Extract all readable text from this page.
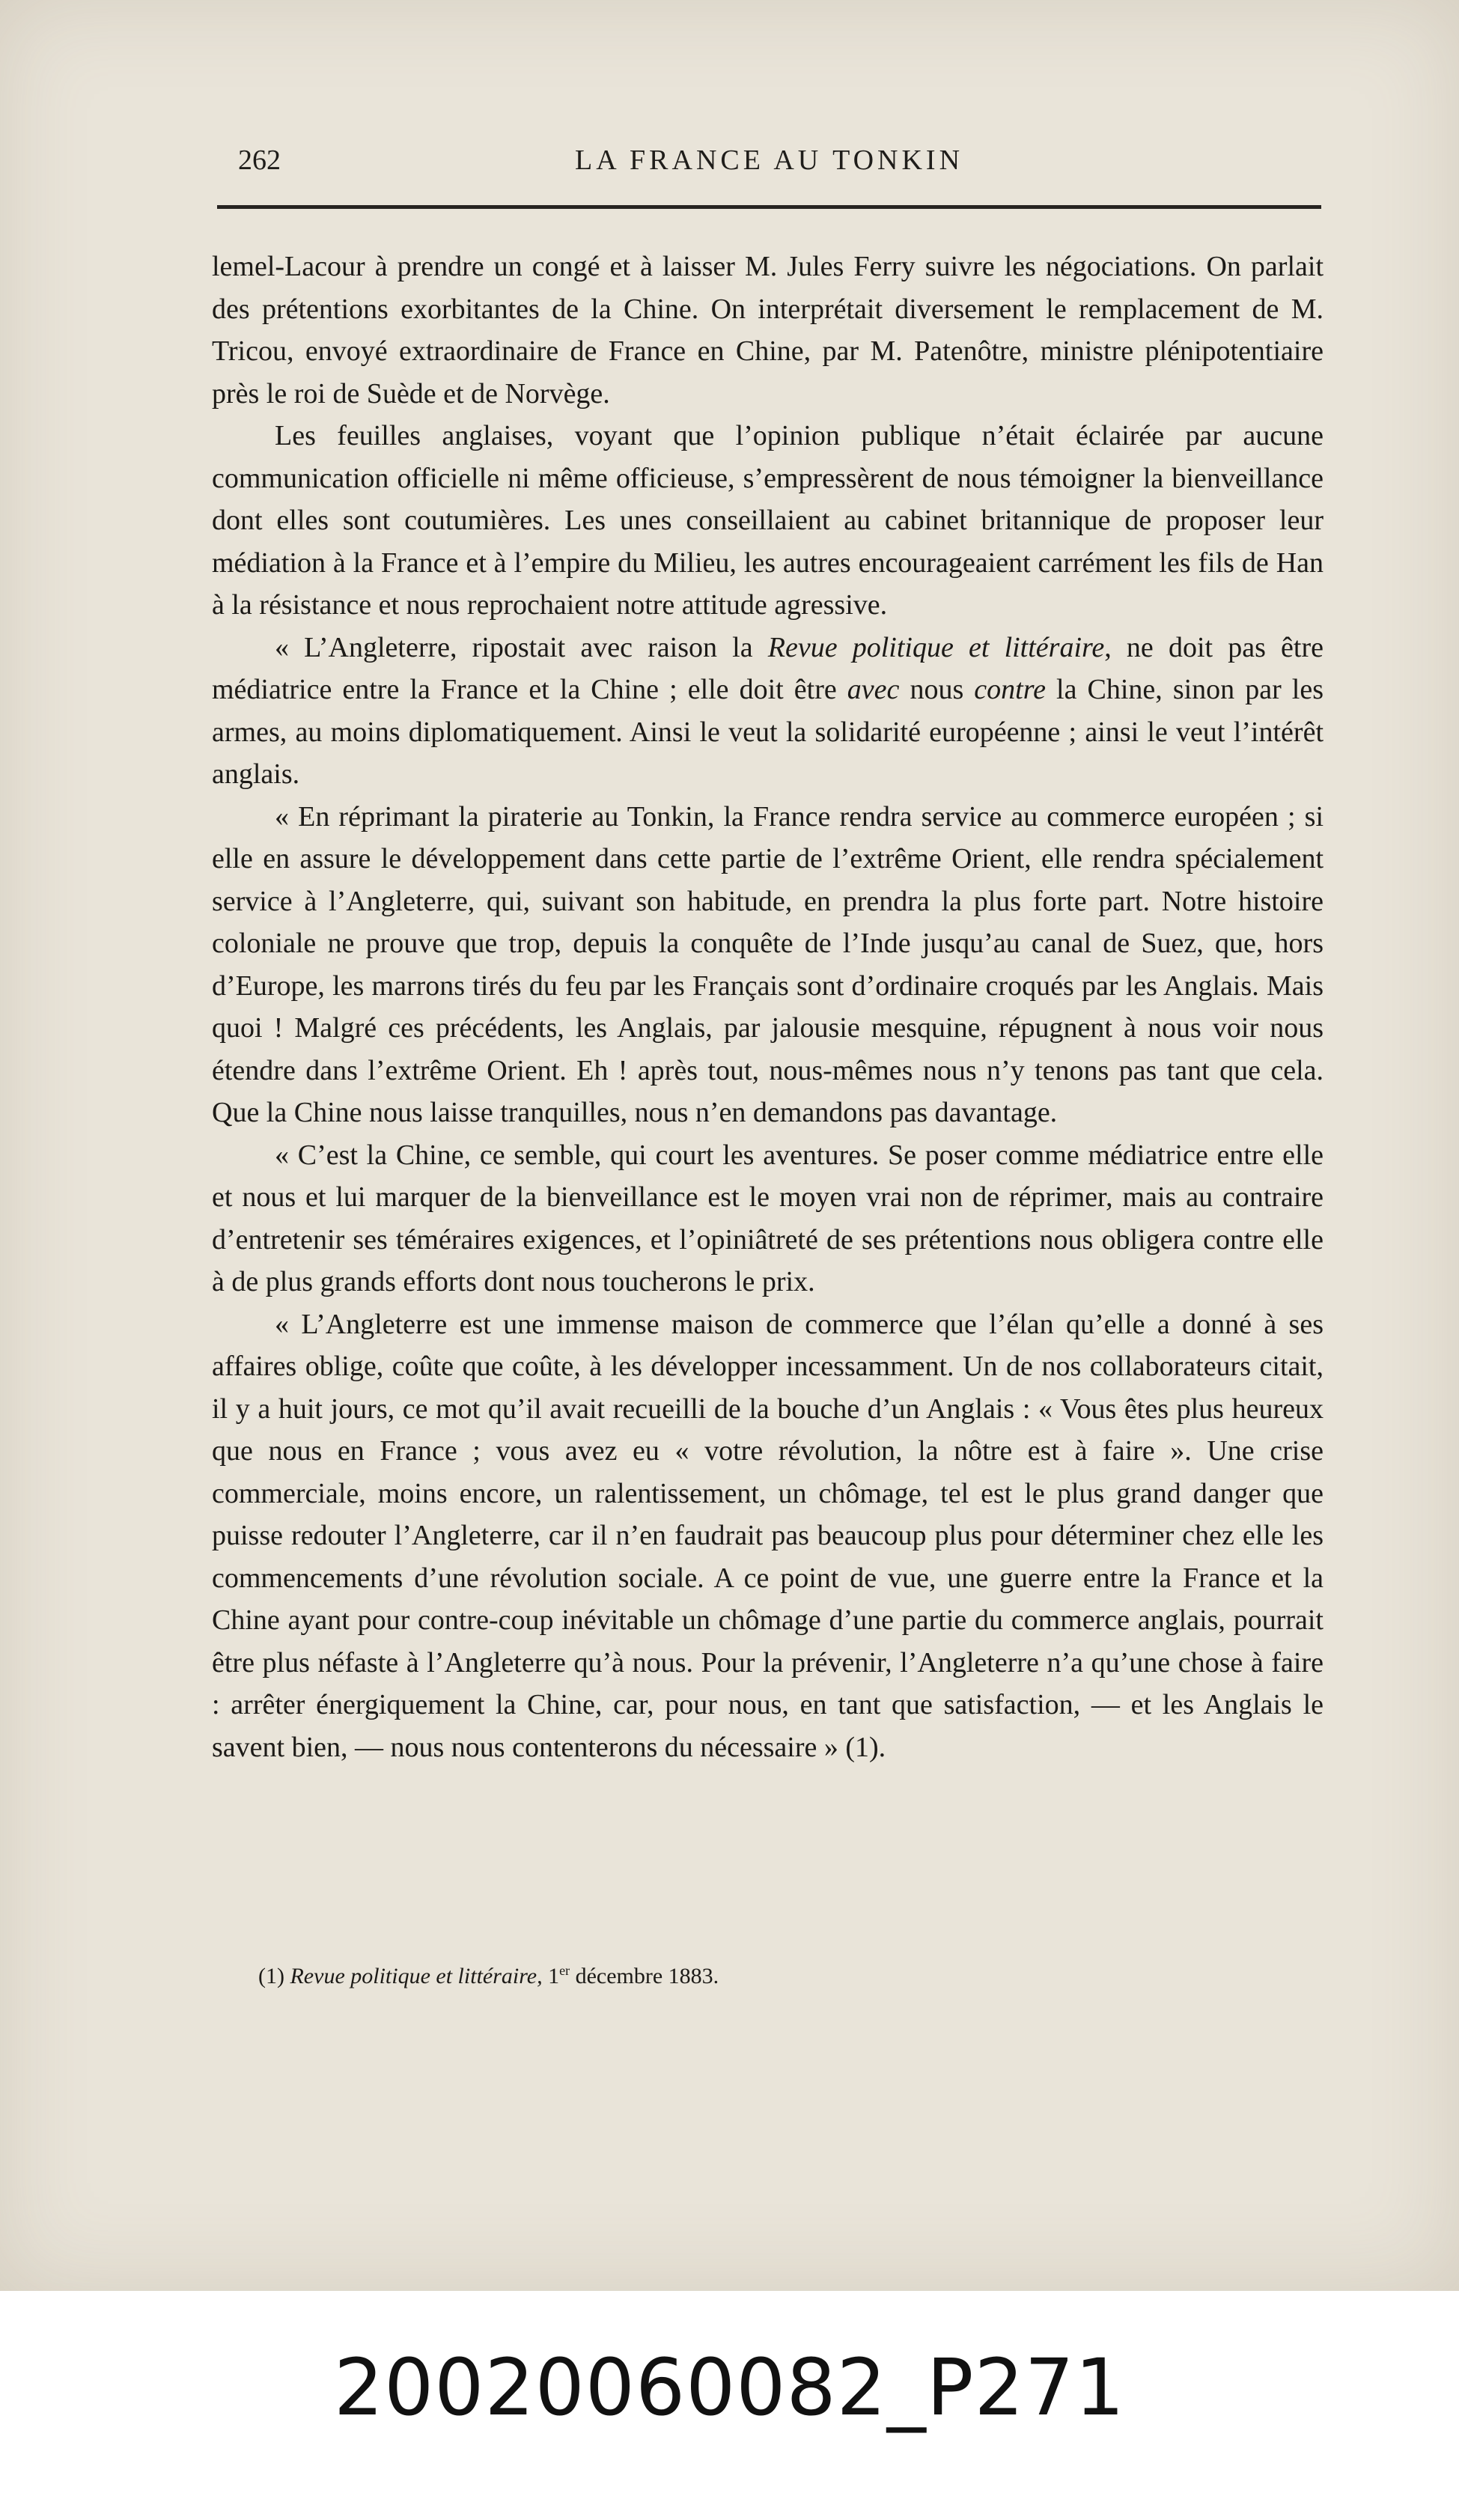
262	LA FRANCE AU TONKIN

lemel-Lacour à prendre un congé et à laisser M. Jules Ferry suivre les négociations. On parlait des prétentions exorbitantes de la Chine. On interprétait diversement le remplacement de M. Tricou, envoyé extraordinaire de France en Chine, par M. Patenôtre, ministre plénipotentiaire près le roi de Suède et de Norvège.

Les feuilles anglaises, voyant que l’opinion publique n’était éclairée par aucune communication officielle ni même officieuse, s’empressèrent de nous témoigner la bienveillance dont elles sont coutumières. Les unes conseillaient au cabinet britannique de proposer leur médiation à la France et à l’empire du Milieu, les autres encourageaient carrément les fils de Han à la résistance et nous reprochaient notre attitude agressive.

« L’Angleterre, ripostait avec raison la Revue politique et littéraire, ne doit pas être médiatrice entre la France et la Chine ; elle doit être avec nous contre la Chine, sinon par les armes, au moins diplomatiquement. Ainsi le veut la solidarité européenne ; ainsi le veut l’intérêt anglais.

« En réprimant la piraterie au Tonkin, la France rendra service au commerce européen ; si elle en assure le développement dans cette partie de l’extrême Orient, elle rendra spécialement service à l’Angleterre, qui, suivant son habitude, en prendra la plus forte part. Notre histoire coloniale ne prouve que trop, depuis la conquête de l’Inde jusqu’au canal de Suez, que, hors d’Europe, les marrons tirés du feu par les Français sont d’ordinaire croqués par les Anglais. Mais quoi ! Malgré ces précédents, les Anglais, par jalousie mesquine, répugnent à nous voir nous étendre dans l’extrême Orient. Eh ! après tout, nous-mêmes nous n’y tenons pas tant que cela. Que la Chine nous laisse tranquilles, nous n’en demandons pas davantage.

« C’est la Chine, ce semble, qui court les aventures. Se poser comme médiatrice entre elle et nous et lui marquer de la bienveillance est le moyen vrai non de réprimer, mais au contraire d’entretenir ses téméraires exigences, et l’opiniâtreté de ses prétentions nous obligera contre elle à de plus grands efforts dont nous toucherons le prix.

« L’Angleterre est une immense maison de commerce que l’élan qu’elle a donné à ses affaires oblige, coûte que coûte, à les développer incessamment. Un de nos collaborateurs citait, il y a huit jours, ce mot qu’il avait recueilli de la bouche d’un Anglais : « Vous êtes plus heureux que nous en France ; vous avez eu « votre révolution, la nôtre est à faire ». Une crise commerciale, moins encore, un ralentissement, un chômage, tel est le plus grand danger que puisse redouter l’Angleterre, car il n’en faudrait pas beaucoup plus pour déterminer chez elle les commencements d’une révolution sociale. A ce point de vue, une guerre entre la France et la Chine ayant pour contre-coup inévitable un chômage d’une partie du commerce anglais, pourrait être plus néfaste à l’Angleterre qu’à nous. Pour la prévenir, l’Angleterre n’a qu’une chose à faire : arrêter énergiquement la Chine, car, pour nous, en tant que satisfaction, — et les Anglais le savent bien, — nous nous contenterons du nécessaire » (1).

(1) Revue politique et littéraire, 1er décembre 1883.
20020060082_P271
